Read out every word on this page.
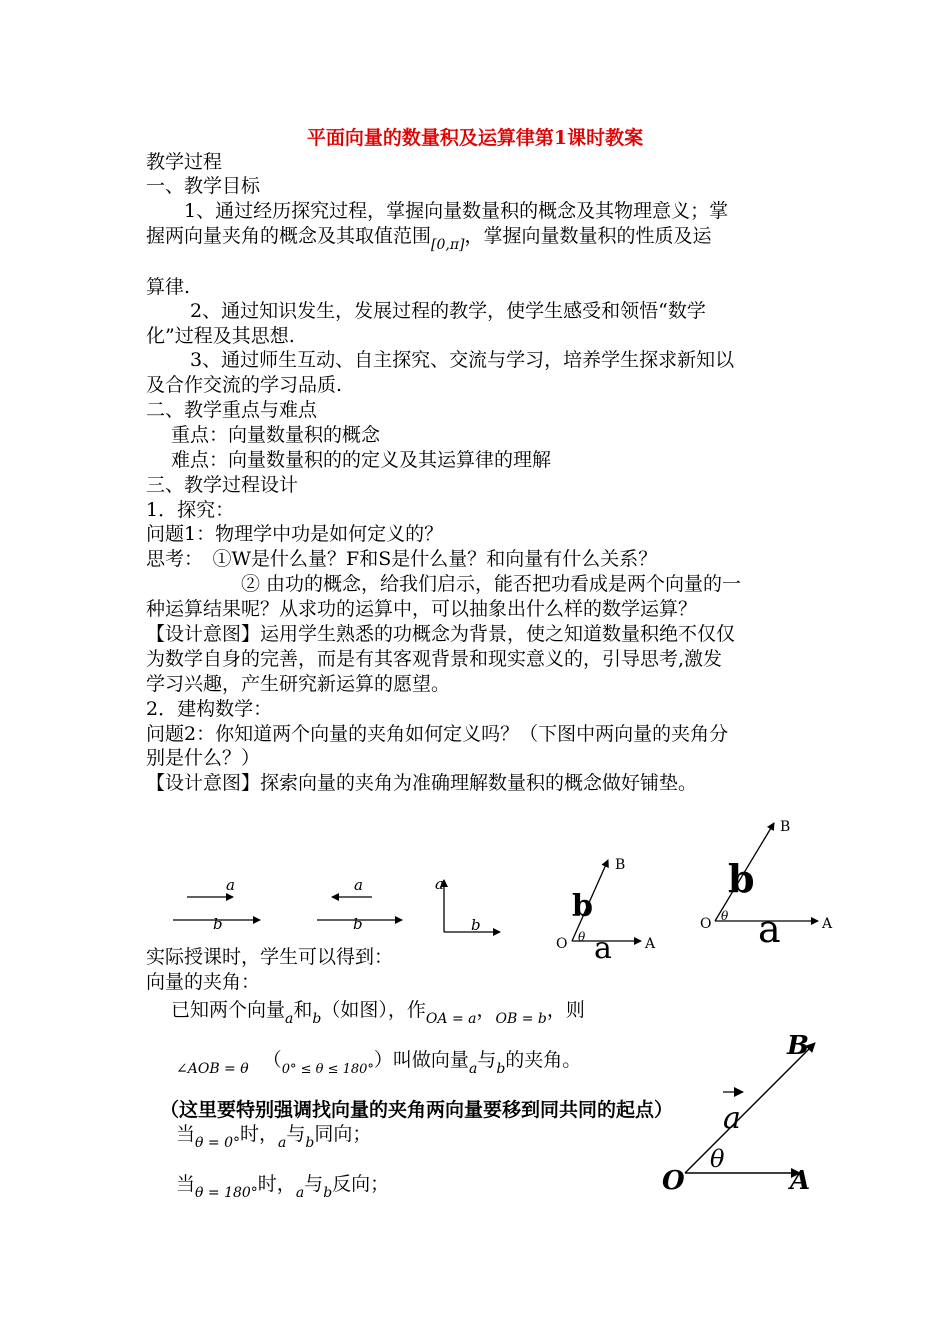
平面向量的数量积及运算律第1课时教案
教学过程
一、教学目标
　　1、通过经历探究过程，掌握向量数量积的概念及其物理意义；掌
握两向量夹角的概念及其取值范围$_{[0,\pi]}$，掌握向量数量积的性质及运
算律.
　　 2、通过知识发生，发展过程的教学，使学生感受和领悟“数学
化”过程及其思想.
　　 3、通过师生互动、自主探究、交流与学习，培养学生探求新知以
及合作交流的学习品质.
二、教学重点与难点
　 重点：向量数量积的概念
　 难点：向量数量积的的定义及其运算律的理解
三、教学过程设计
1．探究：
问题1：物理学中功是如何定义的？
思考：　①W是什么量？F和S是什么量？和向量有什么关系？
　　　　　② 由功的概念，给我们启示，能否把功看成是两个向量的一
种运算结果呢？从求功的运算中，可以抽象出什么样的数学运算？
【设计意图】运用学生熟悉的功概念为背景，使之知道数量积绝不仅仅
为数学自身的完善，而是有其客观背景和现实意义的，引导思考,激发
学习兴趣，产生研究新运算的愿望。
2．建构数学：
问题2：你知道两个向量的夹角如何定义吗？（下图中两向量的夹角分
别是什么？）
【设计意图】探索向量的夹角为准确理解数量积的概念做好铺垫。
a
b
a
b
a
b
B
A
O θ
b
a
B
A
O θ
b
a
实际授课时，学生可以得到：
向量的夹角：
　 已知两个向量$_a$和$_b$（如图），作$_{OA = a}$，$_{OB = b}$，则
$_{\angle AOB = \theta}$ $(_{0^\circ \le \theta \le 180^\circ})$叫做向量$_a$与$_b$的夹角。
（这里要特别强调找向量的夹角两向量要移到同共同的起点）
当$_{\theta = 0^\circ}$时，$_a$与$_b$同向；
当$_{\theta = 180^\circ}$时，$_a$与$_b$反向；
B
A
O
θ
a
